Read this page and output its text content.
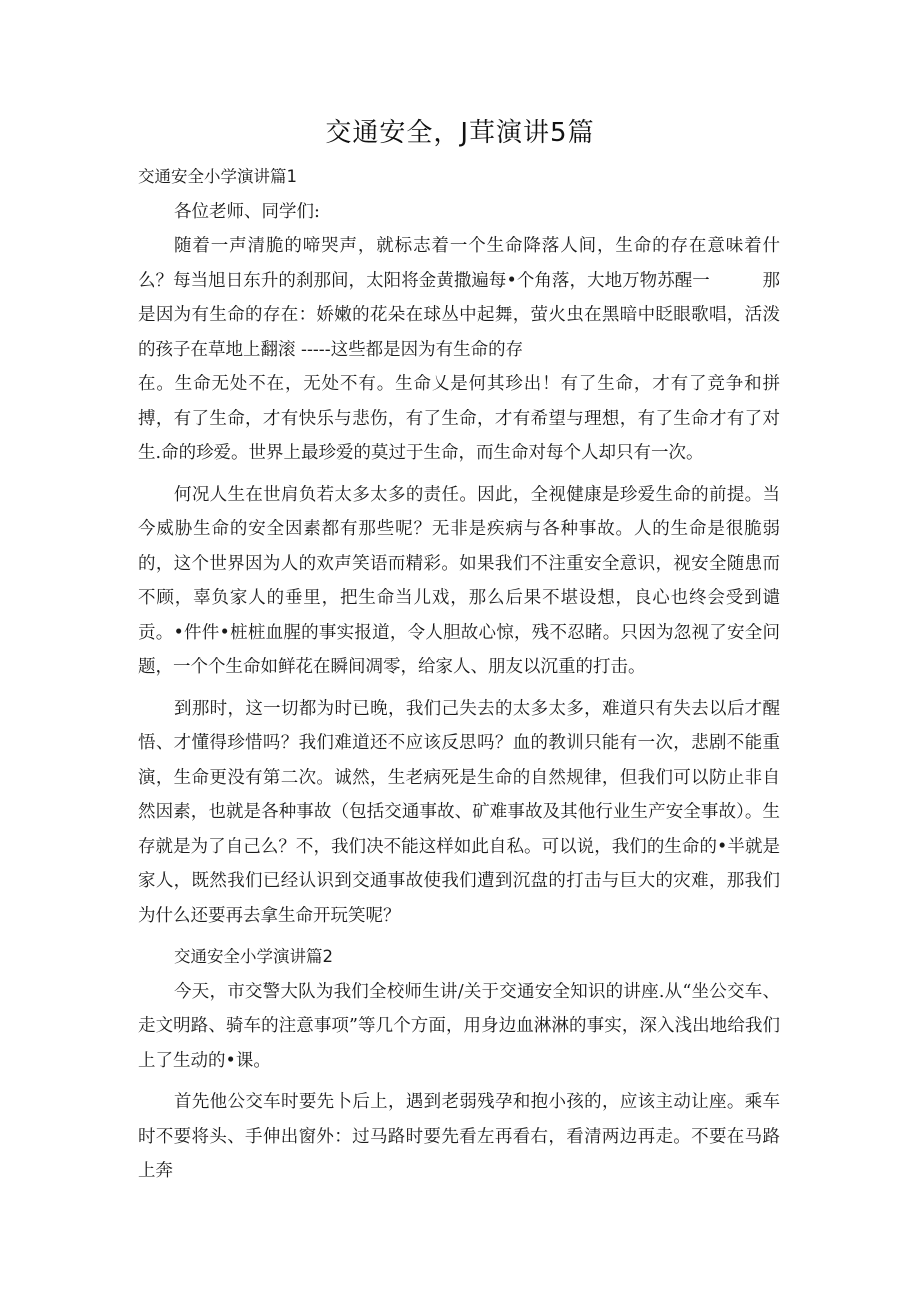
交通安全，J茸演讲5篇

交通安全小学演讲篇1

各位老师、同学们:

随着一声清脆的啼哭声，就标志着一个生命降落人间，生命的存在意味着什么？每当旭日东升的刹那间，太阳将金黄撒遍每•个角落，大地万物苏醒一　　　那是因为有生命的存在：娇嫩的花朵在球丛中起舞，萤火虫在黑暗中眨眼歌唱，活泼的孩子在草地上翻滚 -----这些都是因为有生命的存

在。生命无处不在，无处不有。生命乂是何其珍出！有了生命，才有了竞争和拼搏，有了生命，才有快乐与悲伤，有了生命，才有希望与理想，有了生命才有了对生.命的珍爱。世界上最珍爱的莫过于生命，而生命对每个人却只有一次。

何况人生在世肩负若太多太多的责任。因此，全视健康是珍爱生命的前提。当今威胁生命的安全因素都有那些呢？无非是疾病与各种事故。人的生命是很脆弱的，这个世界因为人的欢声笑语而精彩。如果我们不注重安全意识，视安全随患而不顾，辜负家人的垂里，把生命当儿戏，那么后果不堪设想，良心也终会受到谴贡。•件件•桩桩血腥的事实报道，令人胆故心惊，残不忍睹。只因为忽视了安全问题，一个个生命如鲜花在瞬间凋零，给家人、朋友以沉重的打击。

到那时，这一切都为时已晚，我们己失去的太多太多，难道只有失去以后才醒悟、才懂得珍惜吗？我们难道还不应该反思吗？血的教训只能有一次，悲剧不能重演，生命更没有第二次。诚然，生老病死是生命的自然规律，但我们可以防止非自然因素，也就是各种事故（包括交通事故、矿难事故及其他行业生产安全事故）。生存就是为了自己么？不，我们决不能这样如此自私。可以说，我们的生命的•半就是家人，既然我们已经认识到交通事故使我们遭到沉盘的打击与巨大的灾难，那我们为什么还要再去拿生命开玩笑呢？

交通安全小学演讲篇2

今天，市交警大队为我们全校师生讲/关于交通安全知识的讲座.从“坐公交车、走文明路、骑车的注意事项”等几个方面，用身边血淋淋的事实，深入浅出地给我们上了生动的•课。

首先他公交车时要先卜后上，遇到老弱残孕和抱小孩的，应该主动让座。乘车时不要将头、手伸出窗外：过马路时要先看左再看右，看清两边再走。不要在马路上奔
